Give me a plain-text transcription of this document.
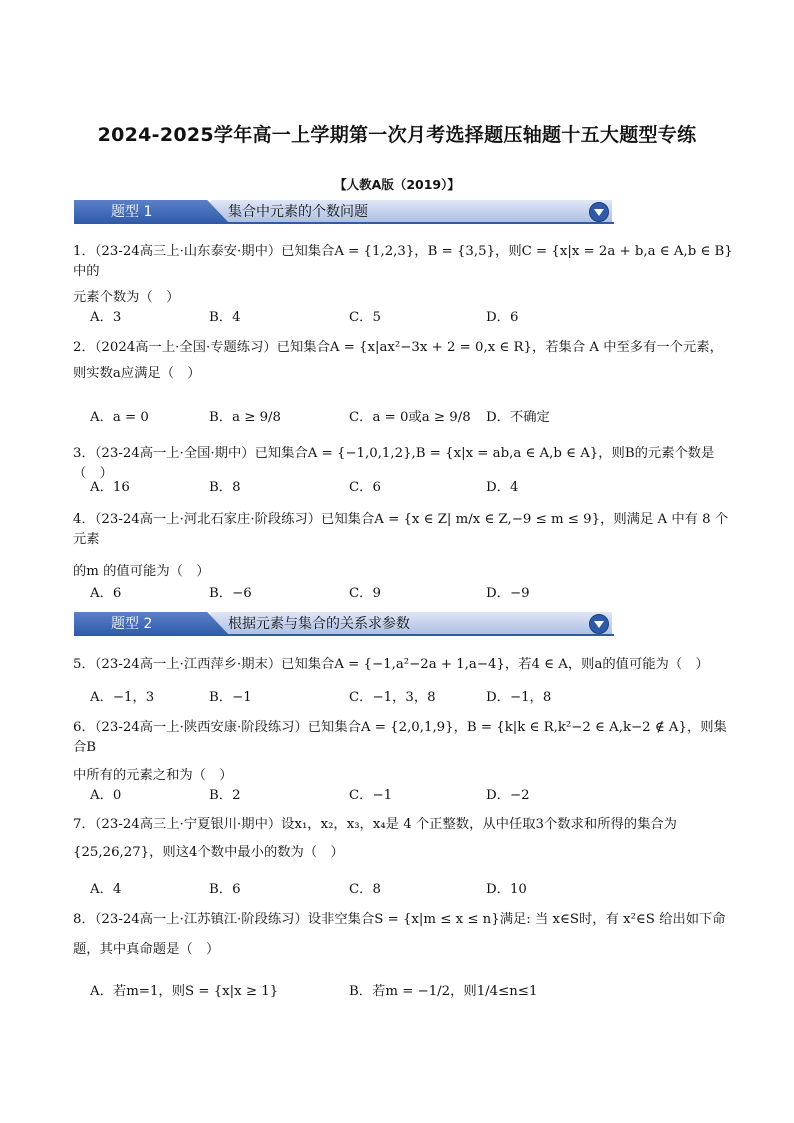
2024-2025学年高一上学期第一次月考选择题压轴题十五大题型专练
【人教A版（2019）】
题型 1	集合中元素的个数问题
1．（23-24高三上·山东泰安·期中）已知集合A = {1,2,3}，B = {3,5}，则C = {x|x = 2a + b,a ∈ A,b ∈ B}中的
元素个数为（　）
A．3	B．4	C．5	D．6
2．（2024高一上·全国·专题练习）已知集合A = {x|ax²−3x + 2 = 0,x ∈ R}，若集合 A 中至多有一个元素，
则实数a应满足（　）
A．a = 0	B．a ≥ 9/8	C．a = 0或a ≥ 9/8 D．不确定
3．（23-24高一上·全国·期中）已知集合A = {−1,0,1,2},B = {x|x = ab,a ∈ A,b ∈ A}，则B的元素个数是（　）
A．16	B．8	C．6	D．4
4．（23-24高一上·河北石家庄·阶段练习）已知集合A = {x ∈ Z| m/x ∈ Z,−9 ≤ m ≤ 9}，则满足 A 中有 8 个元素
的m 的值可能为（　）
A．6	B．−6	C．9	D．−9
题型 2	根据元素与集合的关系求参数
5．（23-24高一上·江西萍乡·期末）已知集合A = {−1,a²−2a + 1,a−4}，若4 ∈ A，则a的值可能为（　）
A．−1，3	B．−1	C．−1，3，8	D．−1，8
6．（23-24高一上·陕西安康·阶段练习）已知集合A = {2,0,1,9}，B = {k|k ∈ R,k²−2 ∈ A,k−2 ∉ A}，则集合B
中所有的元素之和为（　）
A．0	B．2	C．−1	D．−2
7．（23-24高三上·宁夏银川·期中）设x₁，x₂，x₃，x₄是 4 个正整数，从中任取3个数求和所得的集合为
{25,26,27}，则这4个数中最小的数为（　）
A．4	B．6	C．8	D．10
8．（23-24高一上·江苏镇江·阶段练习）设非空集合S = {x|m ≤ x ≤ n}满足: 当 x∈S时，有 x²∈S 给出如下命
题，其中真命题是（　）
A．若m=1，则S = {x|x ≥ 1}	B．若m = −1/2，则1/4≤n≤1
